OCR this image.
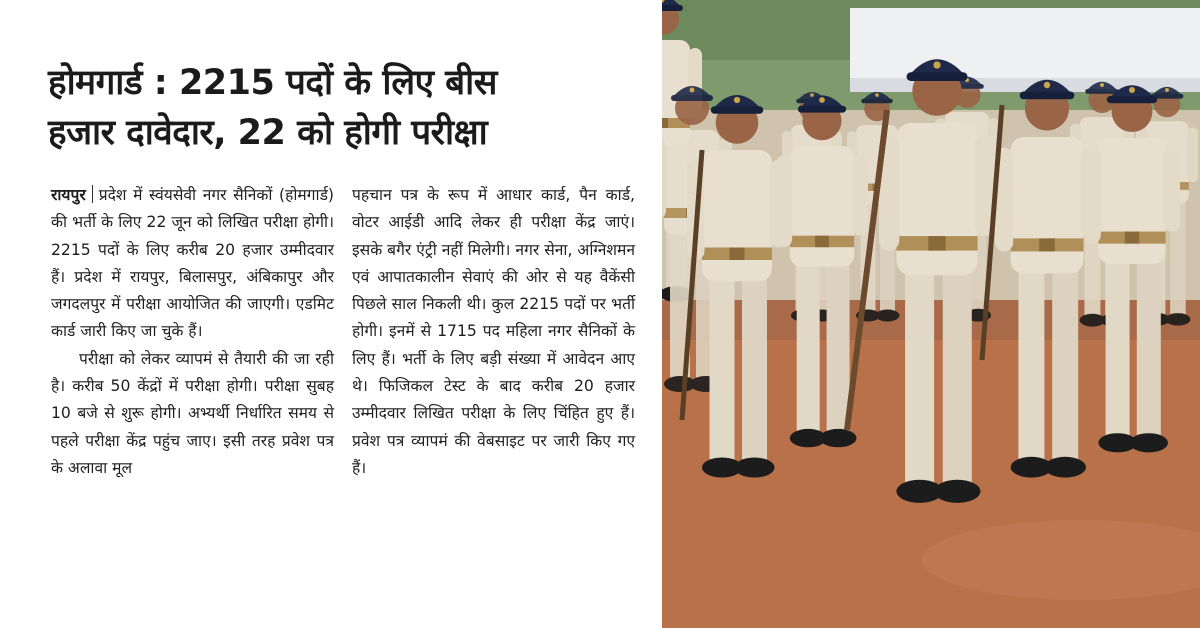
होमगार्ड : 2215 पदों के लिए बीस
हजार दावेदार, 22 को होगी परीक्षा

रायपुर प्रदेश में स्वंयसेवी नगर सैनिकों (होमगार्ड) की भर्ती के लिए 22 जून को लिखित परीक्षा होगी। 2215 पदों के लिए करीब 20 हजार उम्मीदवार हैं। प्रदेश में रायपुर, बिलासपुर, अंबिकापुर और जगदलपुर में परीक्षा आयोजित की जाएगी। एडमिट कार्ड जारी किए जा चुके हैं।

परीक्षा को लेकर व्यापमं से तैयारी की जा रही है। करीब 50 केंद्रों में परीक्षा होगी। परीक्षा सुबह 10 बजे से शुरू होगी। अभ्यर्थी निर्धारित समय से पहले परीक्षा केंद्र पहुंच जाए। इसी तरह प्रवेश पत्र के अलावा मूल

पहचान पत्र के रूप में आधार कार्ड, पैन कार्ड, वोटर आईडी आदि लेकर ही परीक्षा केंद्र जाएं। इसके बगैर एंट्री नहीं मिलेगी। नगर सेना, अग्निशमन एवं आपातकालीन सेवाएं की ओर से यह वैकेंसी पिछले साल निकली थी। कुल 2215 पदों पर भर्ती होगी। इनमें से 1715 पद महिला नगर सैनिकों के लिए हैं। भर्ती के लिए बड़ी संख्या में आवेदन आए थे। फिजिकल टेस्ट के बाद करीब 20 हजार उम्मीदवार लिखित परीक्षा के लिए चिंहित हुए हैं। प्रवेश पत्र व्यापमं की वेबसाइट पर जारी किए गए हैं।
